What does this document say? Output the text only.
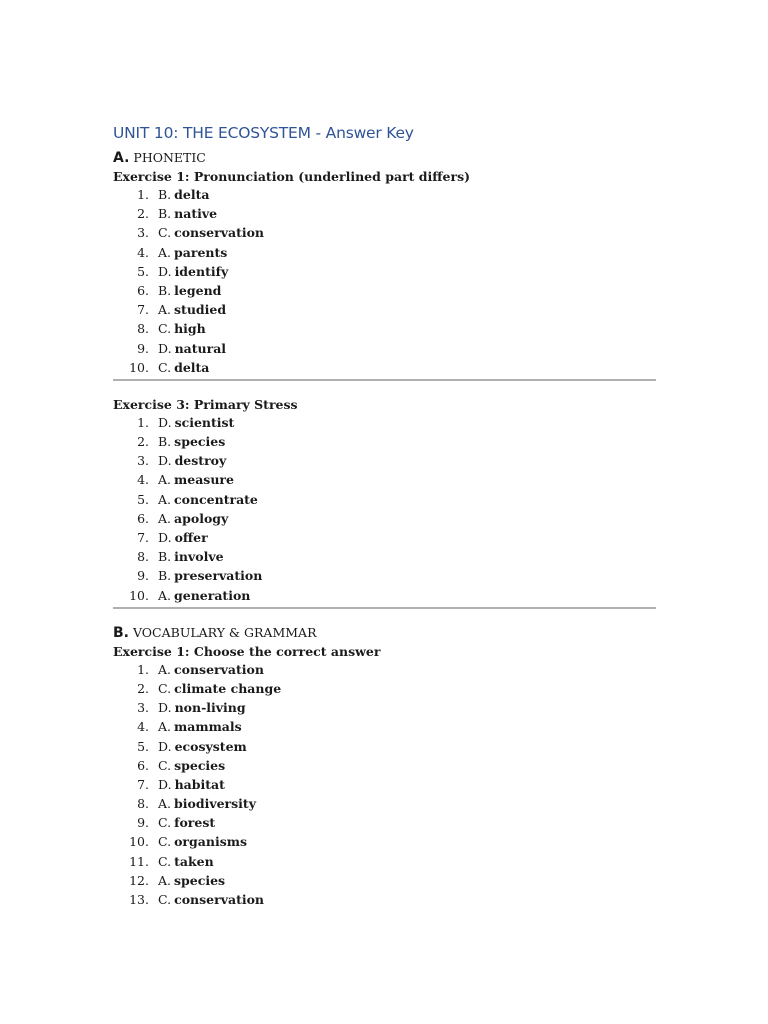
UNIT 10: THE ECOSYSTEM - Answer Key
A. PHONETIC
Exercise 1: Pronunciation (underlined part differs)
1. B. delta
2. B. native
3. C. conservation
4. A. parents
5. D. identify
6. B. legend
7. A. studied
8. C. high
9. D. natural
10. C. delta
Exercise 3: Primary Stress
1. D. scientist
2. B. species
3. D. destroy
4. A. measure
5. A. concentrate
6. A. apology
7. D. offer
8. B. involve
9. B. preservation
10. A. generation
B. VOCABULARY & GRAMMAR
Exercise 1: Choose the correct answer
1. A. conservation
2. C. climate change
3. D. non-living
4. A. mammals
5. D. ecosystem
6. C. species
7. D. habitat
8. A. biodiversity
9. C. forest
10. C. organisms
11. C. taken
12. A. species
13. C. conservation
